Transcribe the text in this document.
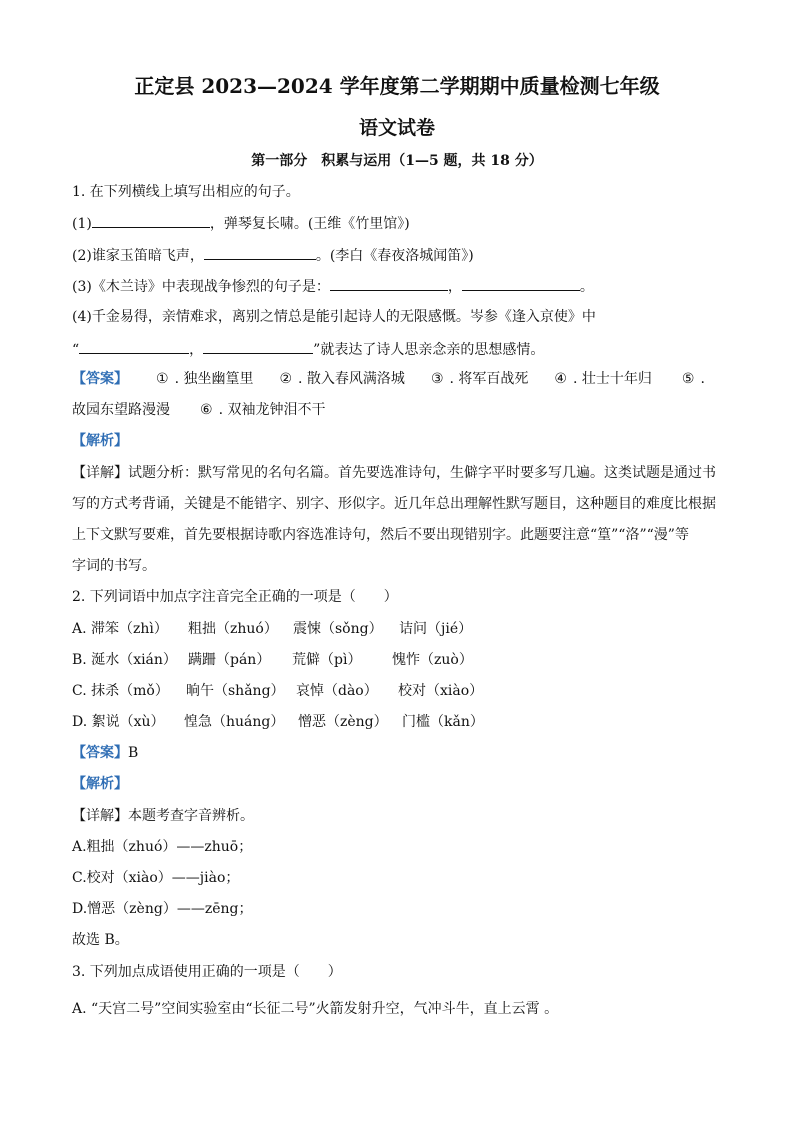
正定县 2023—2024 学年度第二学期期中质量检测七年级
语文试卷
第一部分　积累与运用（1—5 题，共 18 分）
1. 在下列横线上填写出相应的句子。
(1)	，弹琴复长啸。(王维《竹里馆》)
(2)谁家玉笛暗飞声，	。(李白《春夜洛城闻笛》)
(3)《木兰诗》中表现战争惨烈的句子是：	，	。
(4)千金易得，亲情难求，离别之情总是能引起诗人的无限感慨。岑参《逢入京使》中
“	，	”就表达了诗人思亲念亲的思想感情。
【答案】 ① . 独坐幽篁里 ② . 散入春风满洛城 ③ . 将军百战死 ④ . 壮士十年归 ⑤ .
故园东望路漫漫 ⑥ . 双袖龙钟泪不干
【解析】
【详解】试题分析：默写常见的名句名篇。首先要选准诗句，生僻字平时要多写几遍。这类试题是通过书
写的方式考背诵，关键是不能错字、别字、形似字。近几年总出理解性默写题目，这种题目的难度比根据
上下文默写要难，首先要根据诗歌内容选准诗句，然后不要出现错别字。此题要注意“篁”“洛”“漫”等
字词的书写。
2. 下列词语中加点字注音完全正确的一项是（　　）
A. 滞笨（zhì） 粗拙（zhuó） 震悚（sǒng） 诘问（jié）
B. 涎水（xián） 蹒跚（pán） 荒僻（pì） 愧怍（zuò）
C. 抹杀（mǒ） 晌午（shǎng） 哀悼（dào） 校对（xiào）
D. 絮说（xù） 惶急（huáng） 憎恶（zèng） 门槛（kǎn）
【答案】B
【解析】
【详解】本题考查字音辨析。
A.粗拙（zhuó）——zhuō；
C.校对（xiào）——jiào；
D.憎恶（zèng）——zēng；
故选 B。
3. 下列加点成语使用正确的一项是（　　）
A. “天宫二号”空间实验室由“长征二号”火箭发射升空，气冲斗牛，直上云霄 。
